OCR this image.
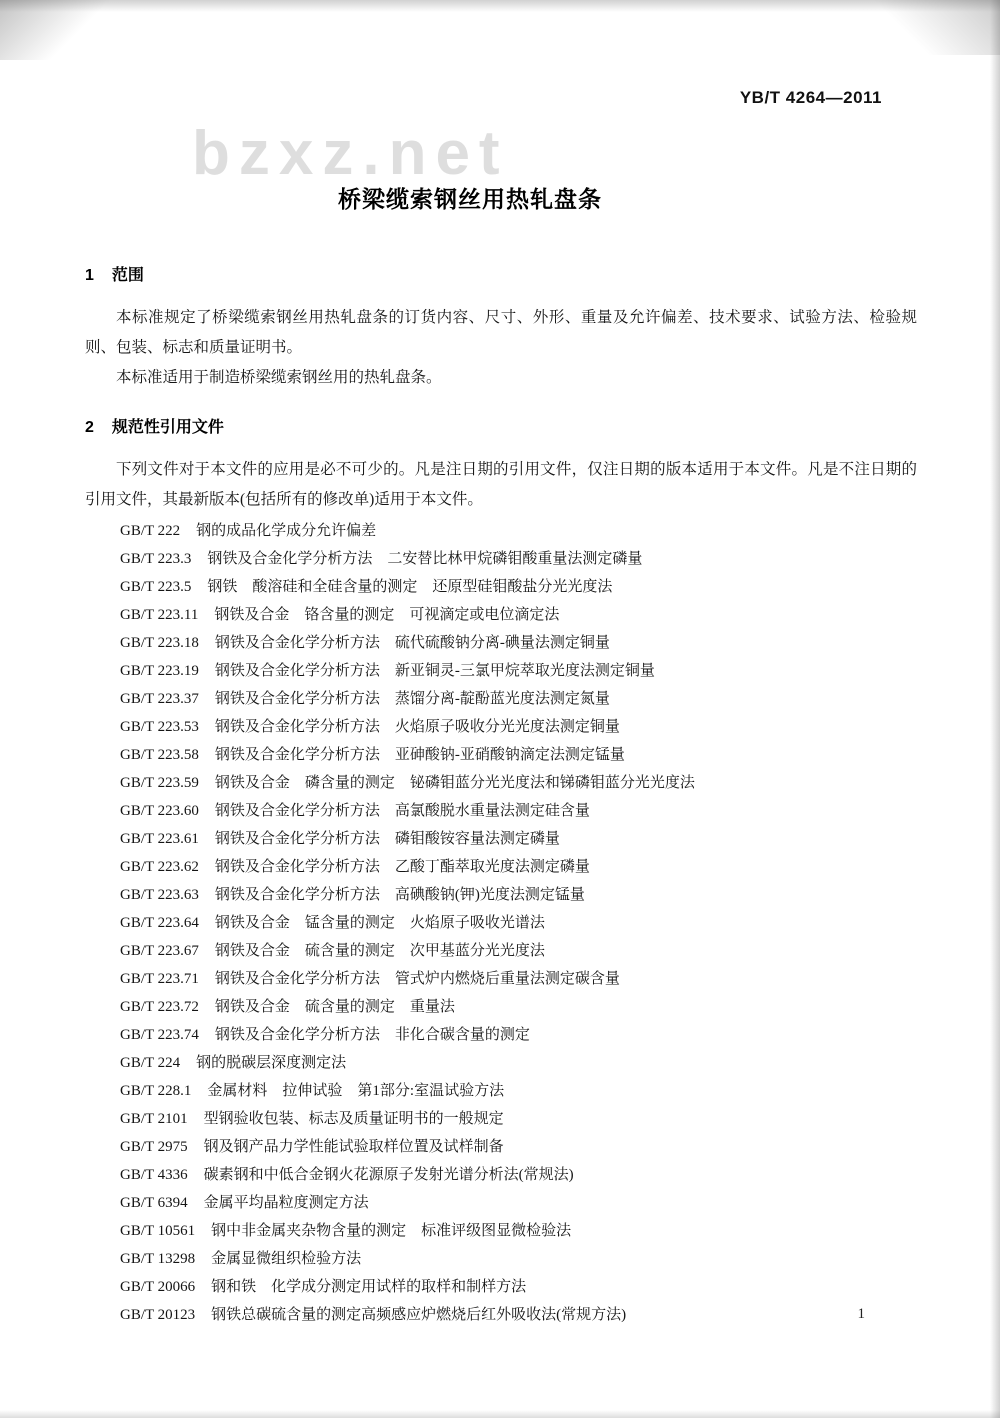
YB/T 4264—2011
bzxz.net
桥梁缆索钢丝用热轧盘条
1 范围

本标准规定了桥梁缆索钢丝用热轧盘条的订货内容、尺寸、外形、重量及允许偏差、技术要求、试验方法、检验规则、包装、标志和质量证明书。

本标准适用于制造桥梁缆索钢丝用的热轧盘条。

2 规范性引用文件

下列文件对于本文件的应用是必不可少的。凡是注日期的引用文件，仅注日期的版本适用于本文件。凡是不注日期的引用文件，其最新版本(包括所有的修改单)适用于本文件。

GB/T 222 钢的成品化学成分允许偏差
GB/T 223.3 钢铁及合金化学分析方法　二安替比林甲烷磷钼酸重量法测定磷量
GB/T 223.5 钢铁　酸溶硅和全硅含量的测定　还原型硅钼酸盐分光光度法
GB/T 223.11 钢铁及合金　铬含量的测定　可视滴定或电位滴定法
GB/T 223.18 钢铁及合金化学分析方法　硫代硫酸钠分离-碘量法测定铜量
GB/T 223.19 钢铁及合金化学分析方法　新亚铜灵-三氯甲烷萃取光度法测定铜量
GB/T 223.37 钢铁及合金化学分析方法　蒸馏分离-靛酚蓝光度法测定氮量
GB/T 223.53 钢铁及合金化学分析方法　火焰原子吸收分光光度法测定铜量
GB/T 223.58 钢铁及合金化学分析方法　亚砷酸钠-亚硝酸钠滴定法测定锰量
GB/T 223.59 钢铁及合金　磷含量的测定　铋磷钼蓝分光光度法和锑磷钼蓝分光光度法
GB/T 223.60 钢铁及合金化学分析方法　高氯酸脱水重量法测定硅含量
GB/T 223.61 钢铁及合金化学分析方法　磷钼酸铵容量法测定磷量
GB/T 223.62 钢铁及合金化学分析方法　乙酸丁酯萃取光度法测定磷量
GB/T 223.63 钢铁及合金化学分析方法　高碘酸钠(钾)光度法测定锰量
GB/T 223.64 钢铁及合金　锰含量的测定　火焰原子吸收光谱法
GB/T 223.67 钢铁及合金　硫含量的测定　次甲基蓝分光光度法
GB/T 223.71 钢铁及合金化学分析方法　管式炉内燃烧后重量法测定碳含量
GB/T 223.72 钢铁及合金　硫含量的测定　重量法
GB/T 223.74 钢铁及合金化学分析方法　非化合碳含量的测定
GB/T 224 钢的脱碳层深度测定法
GB/T 228.1 金属材料　拉伸试验　第1部分:室温试验方法
GB/T 2101 型钢验收包装、标志及质量证明书的一般规定
GB/T 2975 钢及钢产品力学性能试验取样位置及试样制备
GB/T 4336 碳素钢和中低合金钢火花源原子发射光谱分析法(常规法)
GB/T 6394 金属平均晶粒度测定方法
GB/T 10561 钢中非金属夹杂物含量的测定　标准评级图显微检验法
GB/T 13298 金属显微组织检验方法
GB/T 20066 钢和铁　化学成分测定用试样的取样和制样方法
GB/T 20123 钢铁总碳硫含量的测定高频感应炉燃烧后红外吸收法(常规方法)	1
